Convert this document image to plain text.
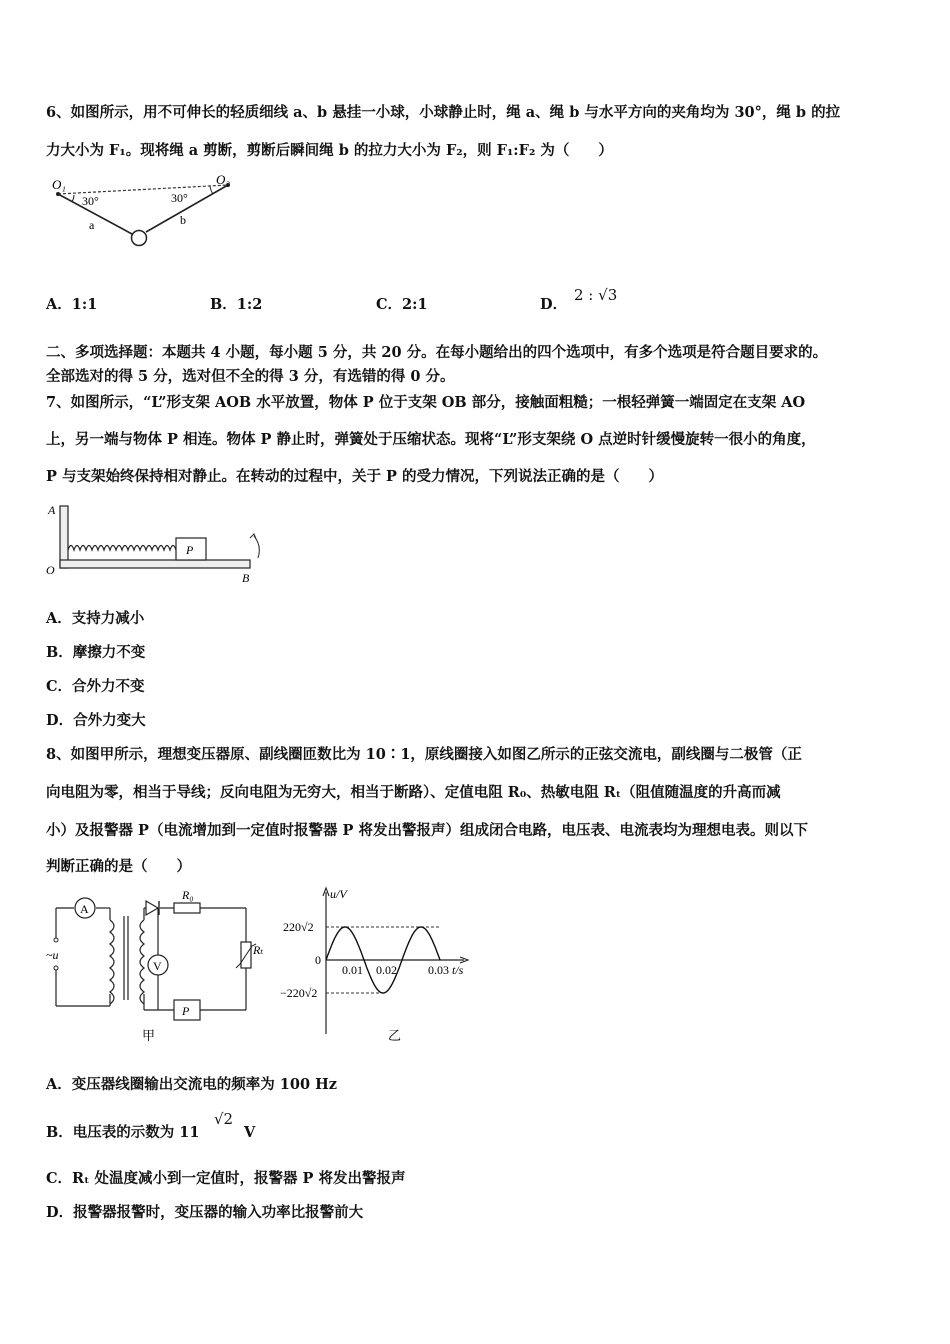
6、如图所示，用不可伸长的轻质细线 a、b 悬挂一小球，小球静止时，绳 a、绳 b 与水平方向的夹角均为 30°，绳 b 的拉
力大小为 F₁。现将绳 a 剪断，剪断后瞬间绳 b 的拉力大小为 F₂，则 F₁:F₂ 为（　　）
O₁	O₂
30°	30°
a	b
A．1:1	B．1:2	C．2:1	D．
2 : √3
二、多项选择题：本题共 4 小题，每小题 5 分，共 20 分。在每小题给出的四个选项中，有多个选项是符合题目要求的。
全部选对的得 5 分，选对但不全的得 3 分，有选错的得 0 分。
7、如图所示，“L”形支架 AOB 水平放置，物体 P 位于支架 OB 部分，接触面粗糙；一根轻弹簧一端固定在支架 AO
上，另一端与物体 P 相连。物体 P 静止时，弹簧处于压缩状态。现将“L”形支架绕 O 点逆时针缓慢旋转一很小的角度，
P 与支架始终保持相对静止。在转动的过程中，关于 P 的受力情况，下列说法正确的是（　　）
A
O
B
P
A．支持力减小
B．摩擦力不变
C．合外力不变
D．合外力变大
8、如图甲所示，理想变压器原、副线圈匝数比为 10∶1，原线圈接入如图乙所示的正弦交流电，副线圈与二极管（正
向电阻为零，相当于导线；反向电阻为无穷大，相当于断路）、定值电阻 R₀、热敏电阻 Rₜ（阻值随温度的升高而减
小）及报警器 P（电流增加到一定值时报警器 P 将发出警报声）组成闭合电路，电压表、电流表均为理想电表。则以下
判断正确的是（　　）
A
V
R₀
Rₜ
P
~u
甲
u/V
220√2
0
−220√2
0.01 0.02	0.03 t/s
乙
A．变压器线圈输出交流电的频率为 100 Hz
B．电压表的示数为 11
√2
V
C．Rₜ 处温度减小到一定值时，报警器 P 将发出警报声
D．报警器报警时，变压器的输入功率比报警前大
